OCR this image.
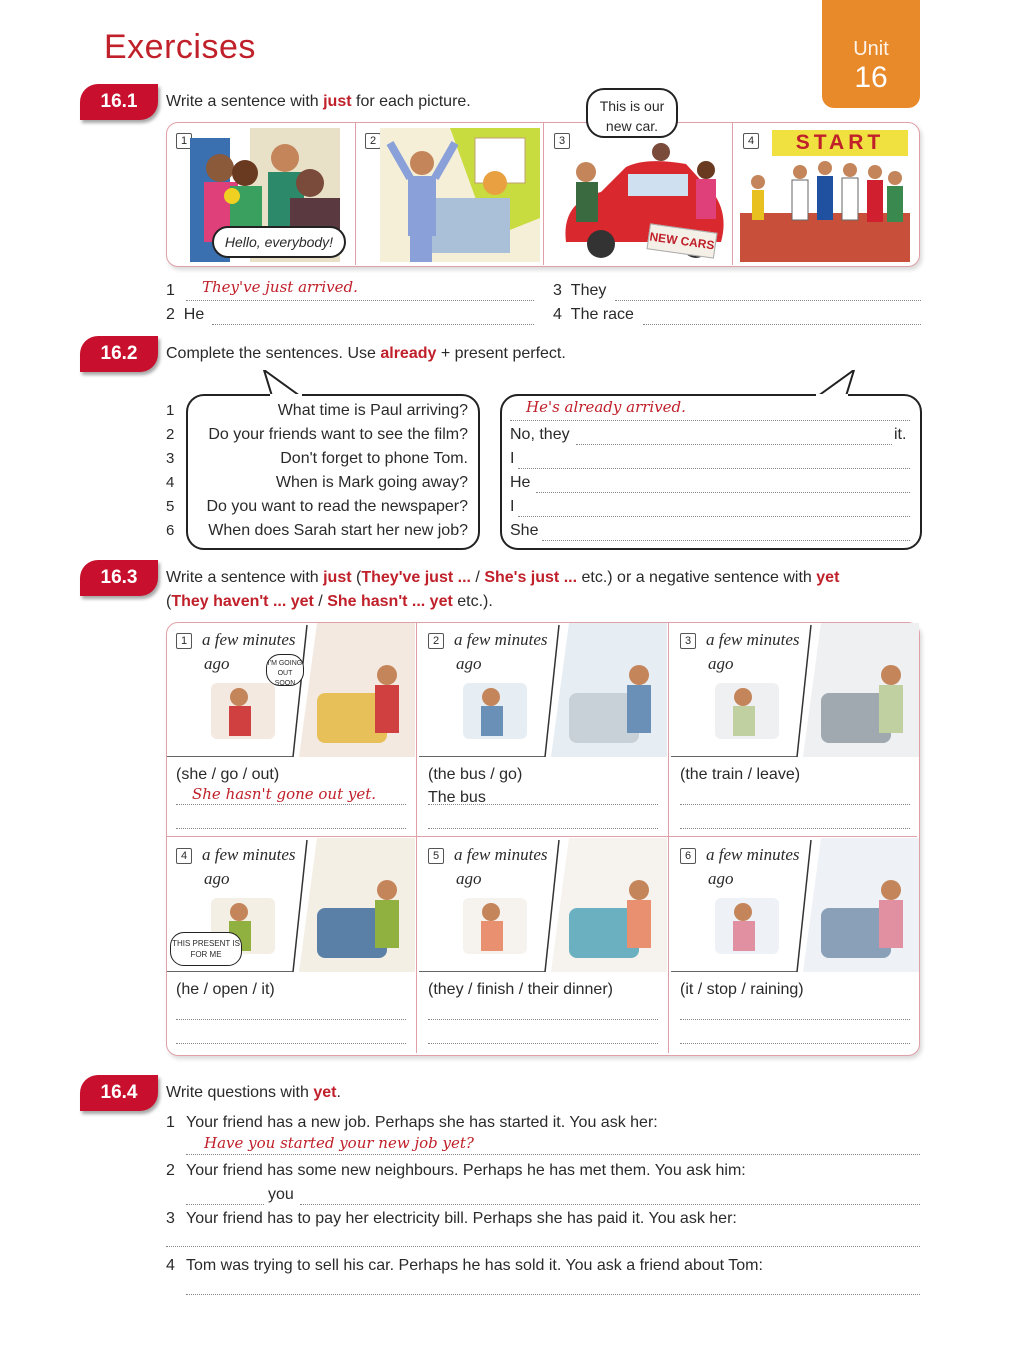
Exercises	Unit
16
16.1	Write a sentence with just for each picture.
1
Hello, everybody!
2	3
NEW CARS
This is our new car.
4	START
1 They've just arrived.
2 He
3 They
4 The race
16.2	Complete the sentences. Use already + present perfect.
1	What time is Paul arriving?	He's already arrived.
2	Do your friends want to see the film?	No, they	it.
3	Don't forget to phone Tom.	I
4	When is Mark going away?	He
5	Do you want to read the newspaper?	I
6	When does Sarah start her new job?	She
16.3	Write a sentence with just (They've just ... / She's just ... etc.) or a negative sentence with yet
(They haven't ... yet / She hasn't ... yet etc.).
1 a few minutes
ago
(she / go / out)
She hasn't gone out yet.
2 a few minutes
ago
(the bus / go)
The bus
3 a few minutes
ago
(the train / leave)
4 a few minutes
ago
(he / open / it)
5 a few minutes
ago
(they / finish / their dinner)
6 a few minutes
ago
(it / stop / raining)
16.4	Write questions with yet.
1 Your friend has a new job. Perhaps she has started it. You ask her:
Have you started your new job yet?
2 Your friend has some new neighbours. Perhaps he has met them. You ask him:
you
3 Your friend has to pay her electricity bill. Perhaps she has paid it. You ask her:
4 Tom was trying to sell his car. Perhaps he has sold it. You ask a friend about Tom:
I'M GOING OUT SOON
THIS PRESENT IS FOR ME
